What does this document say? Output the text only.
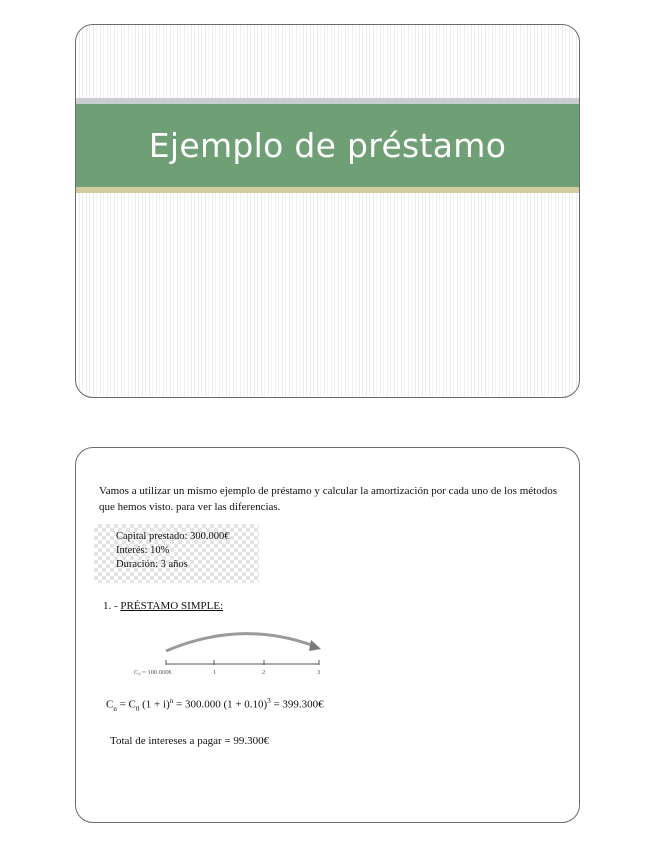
Ejemplo de préstamo

Vamos a utilizar un mismo ejemplo de préstamo y calcular la amortización por cada uno de los métodos que hemos visto. para ver las diferencias.

Capital prestado: 300.000€

Interés: 10%

Duración: 3 años

1. - PRÉSTAMO SIMPLE:

C₀ = 100.000€	1	2	3

$C_n = C_0$ $(1 + i)^n = 300.000$ $(1 + 0.10)^3$ = 399.300€

Total de intereses a pagar = 99.300€
